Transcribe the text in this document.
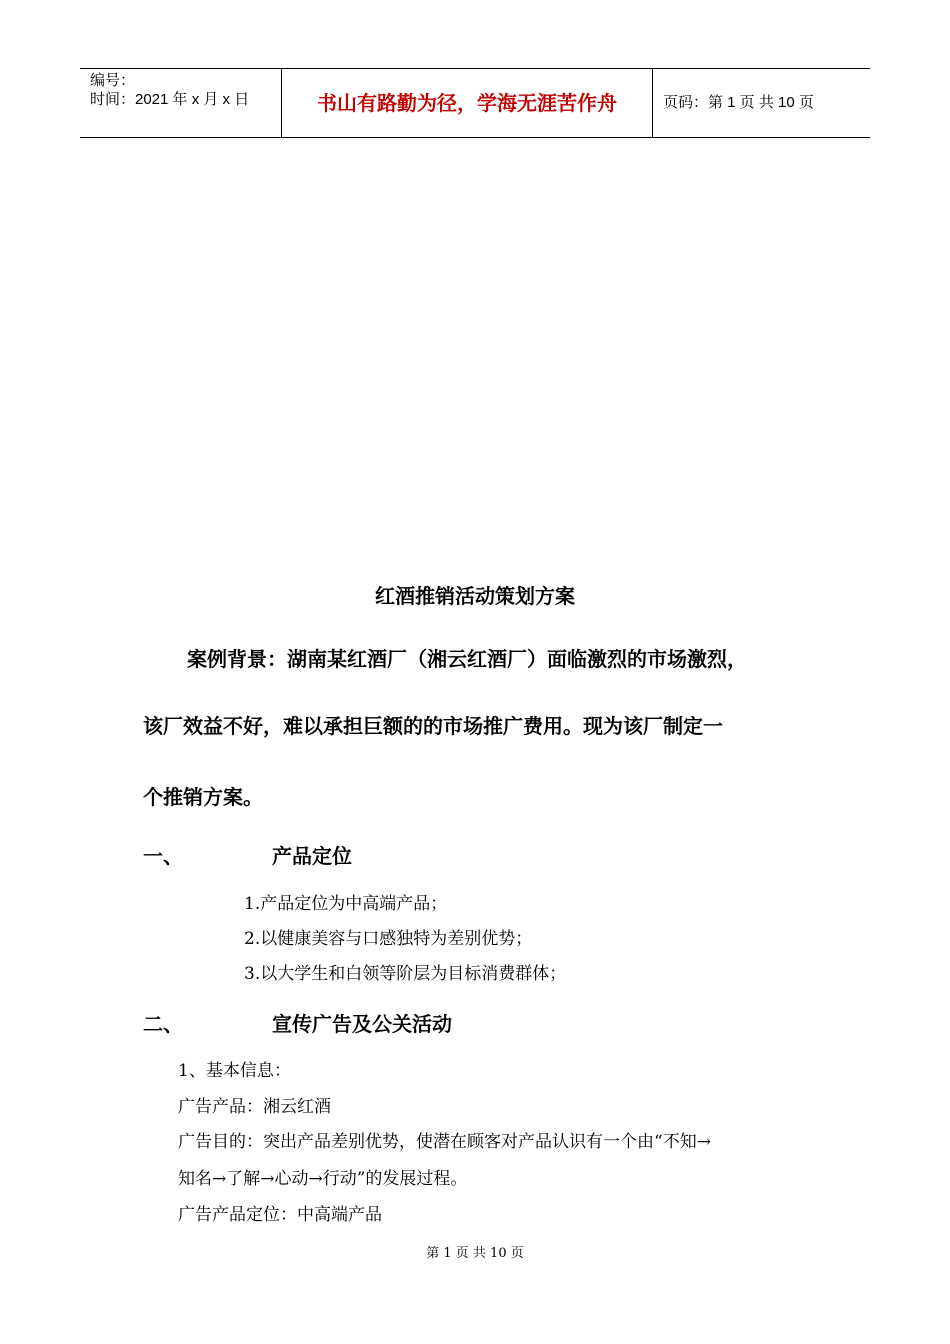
编号：
时间：2021 年 x 月 x 日	书山有路勤为径，学海无涯苦作舟	页码：第 1 页 共 10 页
红酒推销活动策划方案
案例背景：湖南某红酒厂（湘云红酒厂）面临激烈的市场激烈，
该厂效益不好，难以承担巨额的的市场推广费用。现为该厂制定一
个推销方案。
一、	产品定位
1.产品定位为中高端产品；
2.以健康美容与口感独特为差别优势；
3.以大学生和白领等阶层为目标消费群体；
二、	宣传广告及公关活动
1、基本信息：
广告产品：湘云红酒
广告目的：突出产品差别优势，使潜在顾客对产品认识有一个由“不知→
知名→了解→心动→行动”的发展过程。
广告产品定位：中高端产品
第 1 页 共 10 页
